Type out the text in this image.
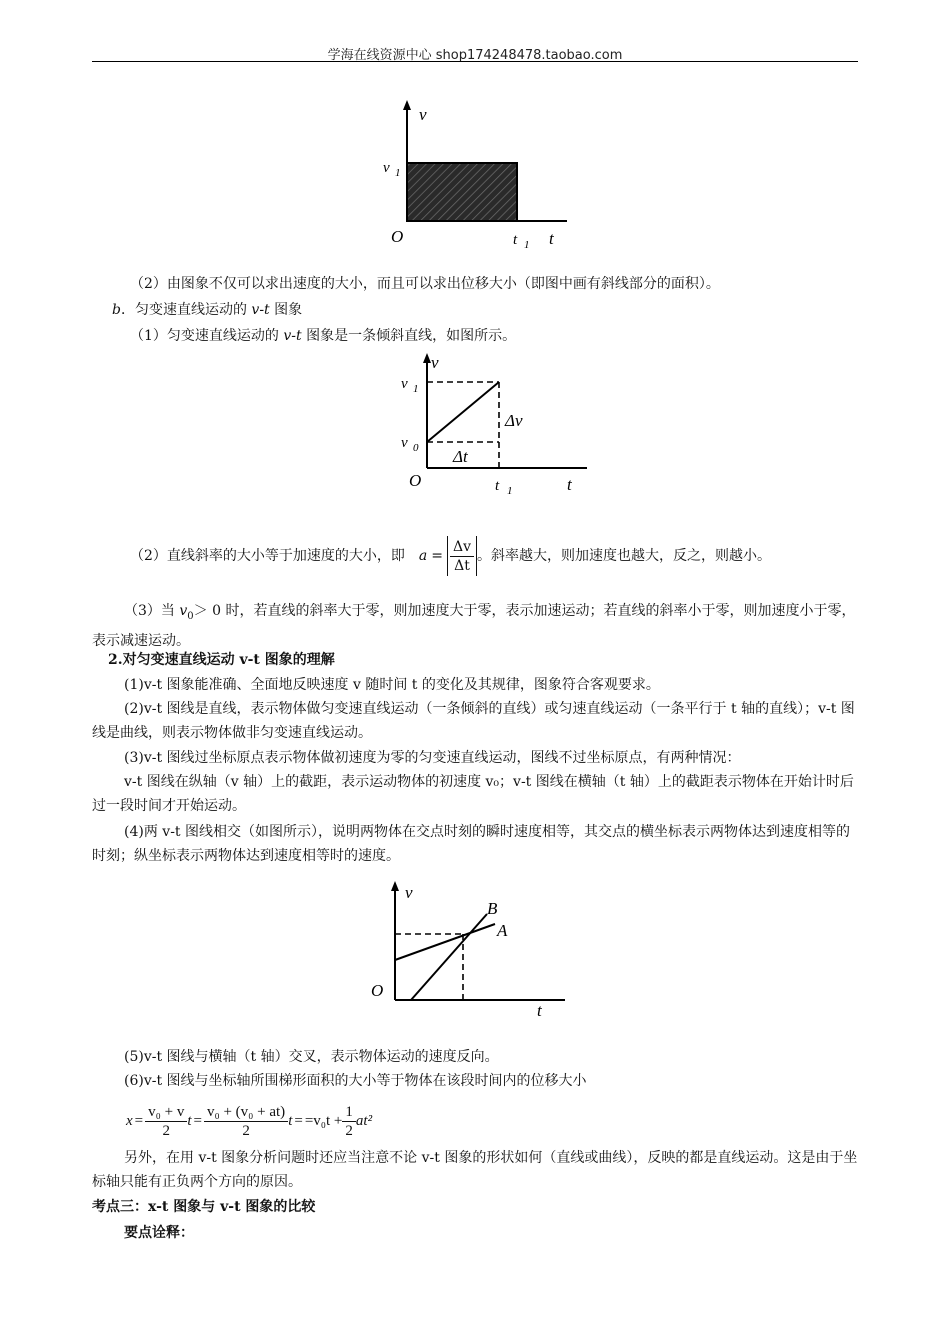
学海在线资源中心 shop174248478.taobao.com
v
v 1
O	t 1 t
（2）由图象不仅可以求出速度的大小，而且可以求出位移大小（即图中画有斜线部分的面积）。
b．匀变速直线运动的 v-t 图象
（1）匀变速直线运动的 v-t 图象是一条倾斜直线，如图所示。
v
v 1
v 0
Δv
Δt
O	t 1	t
（2）直线斜率的大小等于加速度的大小，即 $a = \frac{\Delta v}{\Delta t}$ 。斜率越大，则加速度也越大，反之，则越小。
（3）当 $v_0> 0$ 时，若直线的斜率大于零，则加速度大于零，表示加速运动；若直线的斜率小于零，则加速度小于零，表示减速运动。
2.对匀变速直线运动 v-t 图象的理解
(1)v-t 图象能准确、全面地反映速度 v 随时间 t 的变化及其规律，图象符合客观要求。
(2)v-t 图线是直线，表示物体做匀变速直线运动（一条倾斜的直线）或匀速直线运动（一条平行于 t 轴的直线）；v-t 图线是曲线，则表示物体做非匀变速直线运动。
(3)v-t 图线过坐标原点表示物体做初速度为零的匀变速直线运动，图线不过坐标原点，有两种情况：
v-t 图线在纵轴（v 轴）上的截距，表示运动物体的初速度 v₀；v-t 图线在横轴（t 轴）上的截距表示物体在开始计时后过一段时间才开始运动。
(4)两 v-t 图线相交（如图所示），说明两物体在交点时刻的瞬时速度相等，其交点的横坐标表示两物体达到速度相等的时刻；纵坐标表示两物体达到速度相等时的速度。
v
B
A
O
t
(5)v-t 图线与横轴（t 轴）交叉，表示物体运动的速度反向。
(6)v-t 图线与坐标轴所围梯形面积的大小等于物体在该段时间内的位移大小
$x = \frac{\text{v₀ + v}}{2}$ $t = \frac{\text{v₀ + (v₀ + at)}}{2}$ $t = =v_0t + \frac{1}{2} at^2$
另外，在用 v-t 图象分析问题时还应当注意不论 v-t 图象的形状如何（直线或曲线），反映的都是直线运动。这是由于坐标轴只能有正负两个方向的原因。
考点三：x-t 图象与 v-t 图象的比较
要点诠释：
